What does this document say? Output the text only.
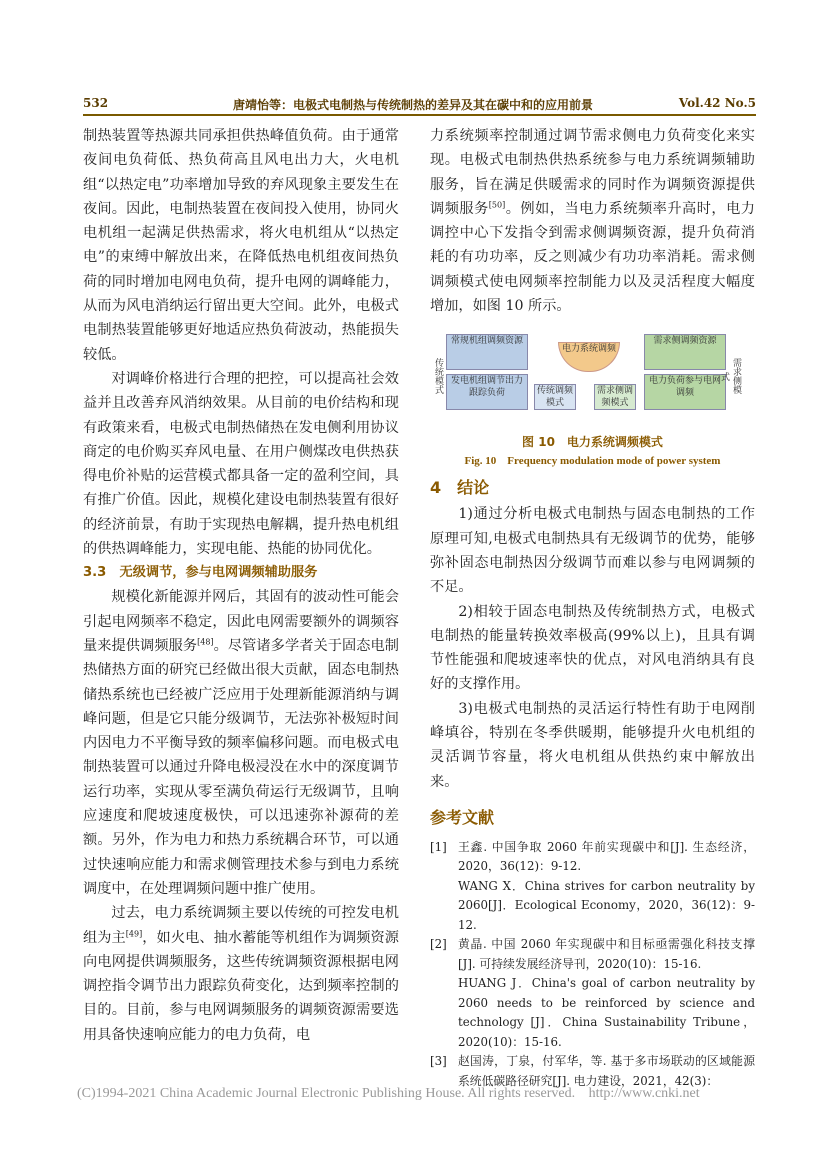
532	唐靖怡等：电极式电制热与传统制热的差异及其在碳中和的应用前景	Vol.42 No.5

制热装置等热源共同承担供热峰值负荷。由于通常夜间电负荷低、热负荷高且风电出力大，火电机组“以热定电”功率增加导致的弃风现象主要发生在夜间。因此，电制热装置在夜间投入使用，协同火电机组一起满足供热需求，将火电机组从“以热定电”的束缚中解放出来，在降低热电机组夜间热负荷的同时增加电网电负荷，提升电网的调峰能力，从而为风电消纳运行留出更大空间。此外，电极式电制热装置能够更好地适应热负荷波动，热能损失较低。

对调峰价格进行合理的把控，可以提高社会效益并且改善弃风消纳效果。从目前的电价结构和现有政策来看，电极式电制热储热在发电侧利用协议商定的电价购买弃风电量、在用户侧煤改电供热获得电价补贴的运营模式都具备一定的盈利空间，具有推广价值。因此，规模化建设电制热装置有很好的经济前景，有助于实现热电解耦，提升热电机组的供热调峰能力，实现电能、热能的协同优化。

3.3　无级调节，参与电网调频辅助服务

规模化新能源并网后，其固有的波动性可能会引起电网频率不稳定，因此电网需要额外的调频容量来提供调频服务[48]。尽管诸多学者关于固态电制热储热方面的研究已经做出很大贡献，固态电制热储热系统也已经被广泛应用于处理新能源消纳与调峰问题，但是它只能分级调节，无法弥补极短时间内因电力不平衡导致的频率偏移问题。而电极式电制热装置可以通过升降电极浸没在水中的深度调节运行功率，实现从零至满负荷运行无级调节，且响应速度和爬坡速度极快，可以迅速弥补源荷的差额。另外，作为电力和热力系统耦合环节，可以通过快速响应能力和需求侧管理技术参与到电力系统调度中，在处理调频问题中推广使用。

过去，电力系统调频主要以传统的可控发电机组为主[49]，如火电、抽水蓄能等机组作为调频资源向电网提供调频服务，这些传统调频资源根据电网调控指令调节出力跟踪负荷变化，达到频率控制的目的。目前，参与电网调频服务的调频资源需要选用具备快速响应能力的电力负荷，电

力系统频率控制通过调节需求侧电力负荷变化来实现。电极式电制热供热系统参与电力系统调频辅助服务，旨在满足供暖需求的同时作为调频资源提供调频服务[50]。例如，当电力系统频率升高时，电力调控中心下发指令到需求侧调频资源，提升负荷消耗的有功功率，反之则减少有功功率消耗。需求侧调频模式使电网频率控制能力以及灵活程度大幅度增加，如图 10 所示。

传统模式
常规机组调频资源
发电机组调节出力跟踪负荷	传统调频模式
电力系统调频
需求侧调频模式
需求侧调频资源
电力负荷参与电网调频	需求侧模式
图 10　电力系统调频模式
Fig. 10　Frequency modulation mode of power system

4　结论

1)通过分析电极式电制热与固态电制热的工作原理可知,电极式电制热具有无级调节的优势，能够弥补固态电制热因分级调节而难以参与电网调频的不足。

2)相较于固态电制热及传统制热方式，电极式电制热的能量转换效率极高(99%以上)，且具有调节性能强和爬坡速率快的优点，对风电消纳具有良好的支撑作用。

3)电极式电制热的灵活运行特性有助于电网削峰填谷，特别在冬季供暖期，能够提升火电机组的灵活调节容量，将火电机组从供热约束中解放出来。

参考文献

[1] 王鑫. 中国争取 2060 年前实现碳中和[J]. 生态经济，2020，36(12)：9-12.
WANG X．China strives for carbon neutrality by 2060[J]．Ecological Economy，2020，36(12)：9-12.
[2] 黄晶. 中国 2060 年实现碳中和目标亟需强化科技支撑[J]. 可持续发展经济导刊，2020(10)：15-16.
HUANG J．China's goal of carbon neutrality by 2060 needs to be reinforced by science and technology [J]．China Sustainability Tribune，2020(10)：15-16.
[3] 赵国涛，丁泉，付军华，等. 基于多市场联动的区域能源系统低碳路径研究[J]. 电力建设，2021，42(3)：
(C)1994-2021 China Academic Journal Electronic Publishing House. All rights reserved. http://www.cnki.net
